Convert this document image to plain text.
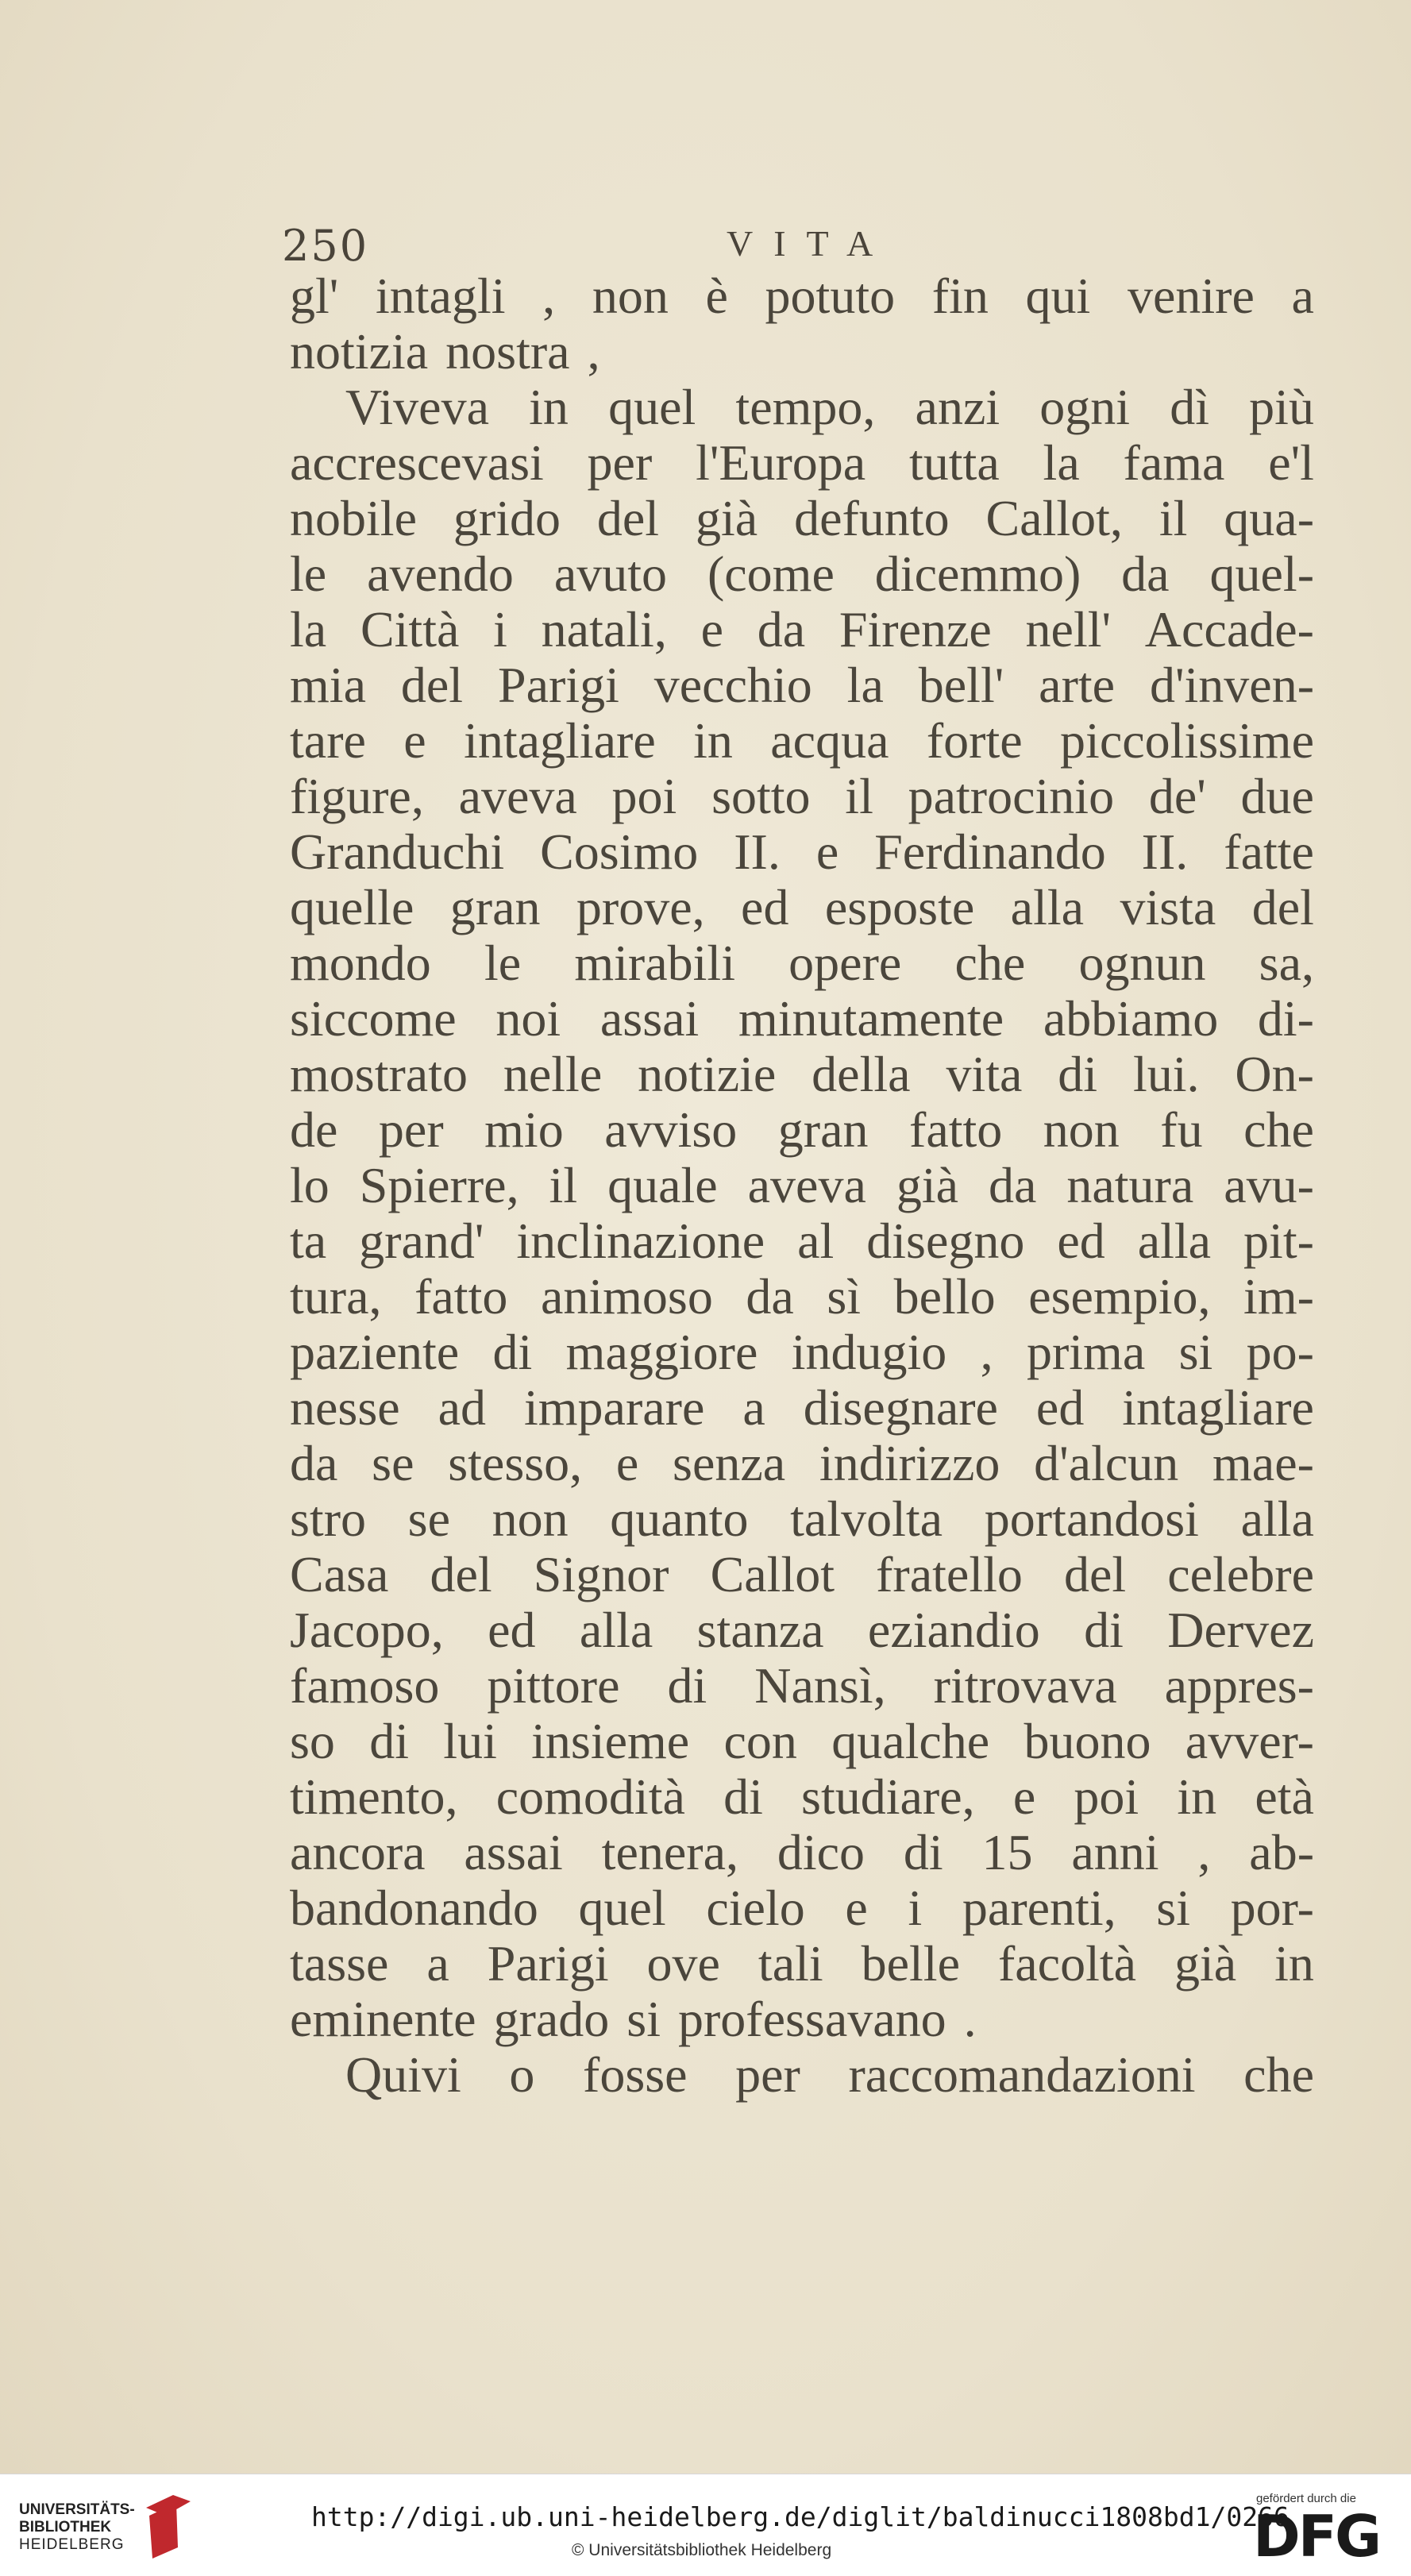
250	VITA
gl' intagli , non è potuto fin qui venire a
notizia nostra ,
Viveva in quel tempo, anzi ogni dì più
accrescevasi per l'Europa tutta la fama e'l
nobile grido del già defunto Callot, il qua-
le avendo avuto (come dicemmo) da quel-
la Città i natali, e da Firenze nell' Accade-
mia del Parigi vecchio la bell' arte d'inven-
tare e intagliare in acqua forte piccolissime
figure, aveva poi sotto il patrocinio de' due
Granduchi Cosimo II. e Ferdinando II. fatte
quelle gran prove, ed esposte alla vista del
mondo le mirabili opere che ognun sa,
siccome noi assai minutamente abbiamo di-
mostrato nelle notizie della vita di lui. On-
de per mio avviso gran fatto non fu che
lo Spierre, il quale aveva già da natura avu-
ta grand' inclinazione al disegno ed alla pit-
tura, fatto animoso da sì bello esempio, im-
paziente di maggiore indugio , prima si po-
nesse ad imparare a disegnare ed intagliare
da se stesso, e senza indirizzo d'alcun mae-
stro se non quanto talvolta portandosi alla
Casa del Signor Callot fratello del celebre
Jacopo, ed alla stanza eziandio di Dervez
famoso pittore di Nansì, ritrovava appres-
so di lui insieme con qualche buono avver-
timento, comodità di studiare, e poi in età
ancora assai tenera, dico di 15 anni , ab-
bandonando quel cielo e i parenti, si por-
tasse a Parigi ove tali belle facoltà già in
eminente grado si professavano .
Quivi o fosse per raccomandazioni che
UNIVERSITÄTS-
BIBLIOTHEK
HEIDELBERG
http://digi.ub.uni-heidelberg.de/diglit/baldinucci1808bd1/0266
© Universitätsbibliothek Heidelberg
gefördert durch die
DFG
